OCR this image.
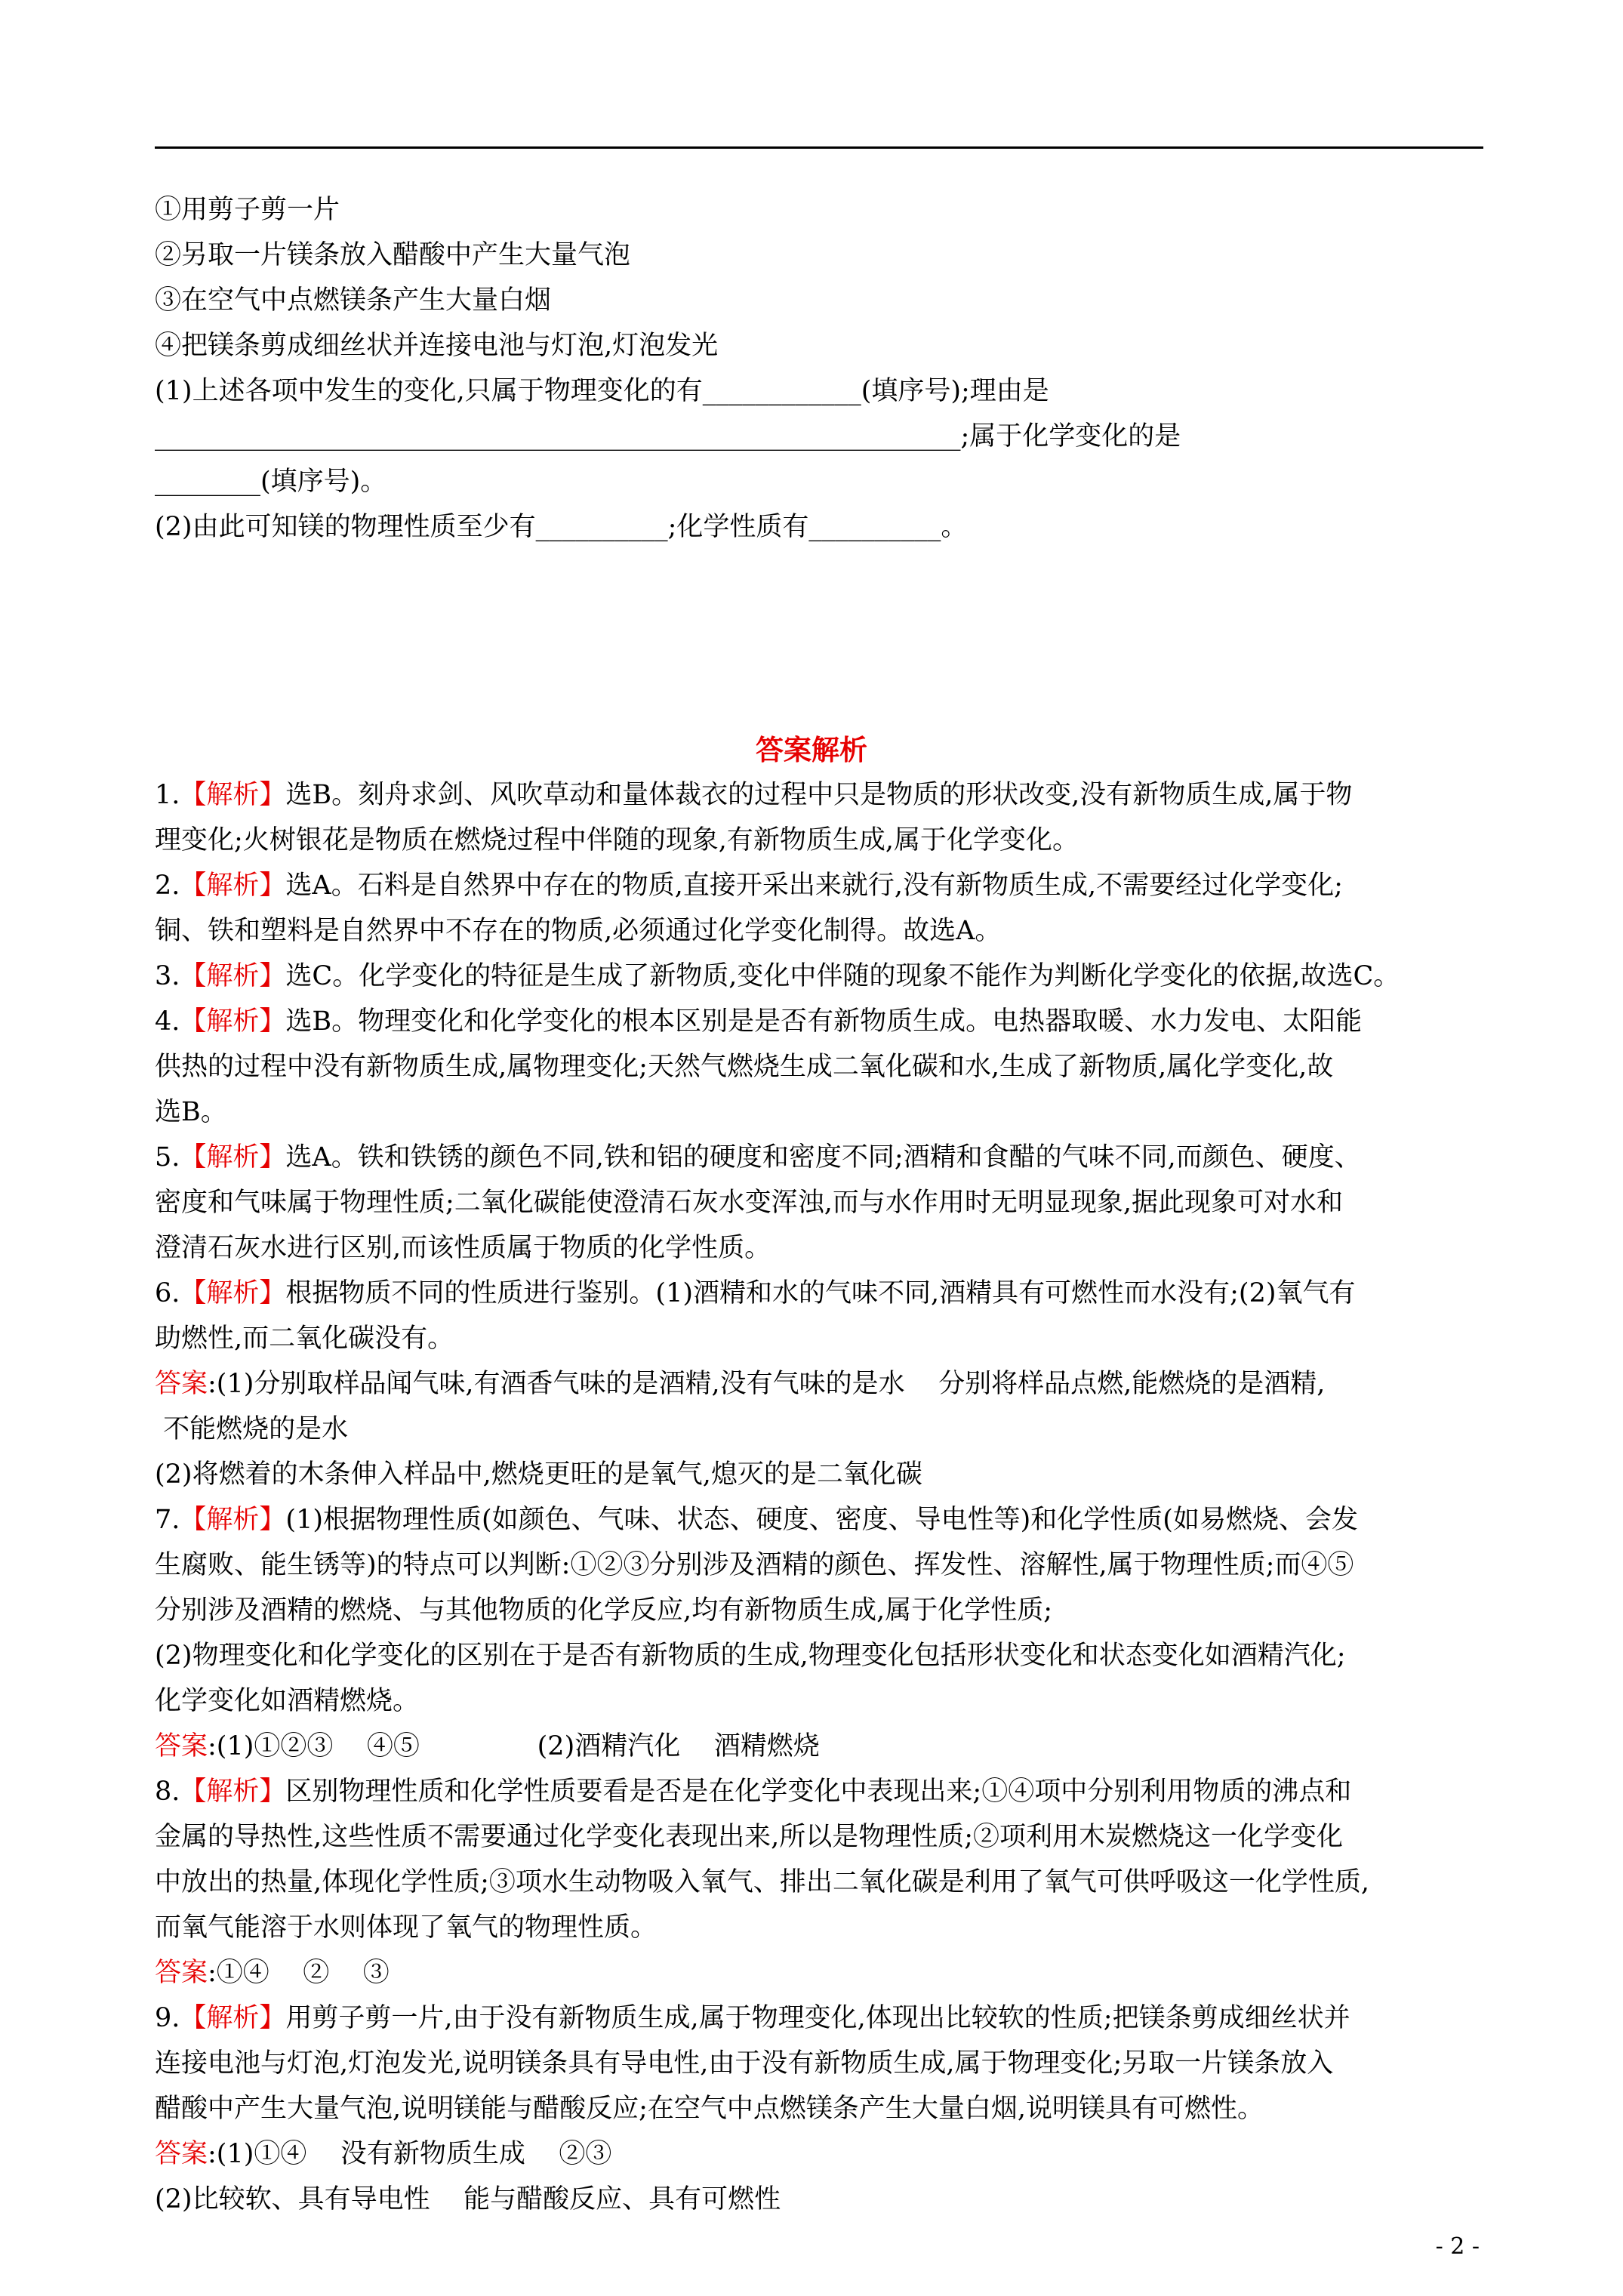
①用剪子剪一片
②另取一片镁条放入醋酸中产生大量气泡
③在空气中点燃镁条产生大量白烟
④把镁条剪成细丝状并连接电池与灯泡,灯泡发光
(1)上述各项中发生的变化,只属于物理变化的有____________(填序号);理由是
_____________________________________________________________;属于化学变化的是
________(填序号)。
(2)由此可知镁的物理性质至少有__________;化学性质有__________。
答案解析
1.【解析】选B。刻舟求剑、风吹草动和量体裁衣的过程中只是物质的形状改变,没有新物质生成,属于物
理变化;火树银花是物质在燃烧过程中伴随的现象,有新物质生成,属于化学变化。
2.【解析】选A。石料是自然界中存在的物质,直接开采出来就行,没有新物质生成,不需要经过化学变化;
铜、铁和塑料是自然界中不存在的物质,必须通过化学变化制得。故选A。
3.【解析】选C。化学变化的特征是生成了新物质,变化中伴随的现象不能作为判断化学变化的依据,故选C。
4.【解析】选B。物理变化和化学变化的根本区别是是否有新物质生成。电热器取暖、水力发电、太阳能
供热的过程中没有新物质生成,属物理变化;天然气燃烧生成二氧化碳和水,生成了新物质,属化学变化,故
选B。
5.【解析】选A。铁和铁锈的颜色不同,铁和铝的硬度和密度不同;酒精和食醋的气味不同,而颜色、硬度、
密度和气味属于物理性质;二氧化碳能使澄清石灰水变浑浊,而与水作用时无明显现象,据此现象可对水和
澄清石灰水进行区别,而该性质属于物质的化学性质。
6.【解析】根据物质不同的性质进行鉴别。(1)酒精和水的气味不同,酒精具有可燃性而水没有;(2)氧气有
助燃性,而二氧化碳没有。
答案:(1)分别取样品闻气味,有酒香气味的是酒精,没有气味的是水    分别将样品点燃,能燃烧的是酒精,
不能燃烧的是水
(2)将燃着的木条伸入样品中,燃烧更旺的是氧气,熄灭的是二氧化碳
7.【解析】(1)根据物理性质(如颜色、气味、状态、硬度、密度、导电性等)和化学性质(如易燃烧、会发
生腐败、能生锈等)的特点可以判断:①②③分别涉及酒精的颜色、挥发性、溶解性,属于物理性质;而④⑤
分别涉及酒精的燃烧、与其他物质的化学反应,均有新物质生成,属于化学性质;
(2)物理变化和化学变化的区别在于是否有新物质的生成,物理变化包括形状变化和状态变化如酒精汽化;
化学变化如酒精燃烧。
答案:(1)①②③    ④⑤              (2)酒精汽化    酒精燃烧
8.【解析】区别物理性质和化学性质要看是否是在化学变化中表现出来;①④项中分别利用物质的沸点和
金属的导热性,这些性质不需要通过化学变化表现出来,所以是物理性质;②项利用木炭燃烧这一化学变化
中放出的热量,体现化学性质;③项水生动物吸入氧气、排出二氧化碳是利用了氧气可供呼吸这一化学性质,
而氧气能溶于水则体现了氧气的物理性质。
答案:①④    ②    ③
9.【解析】用剪子剪一片,由于没有新物质生成,属于物理变化,体现出比较软的性质;把镁条剪成细丝状并
连接电池与灯泡,灯泡发光,说明镁条具有导电性,由于没有新物质生成,属于物理变化;另取一片镁条放入
醋酸中产生大量气泡,说明镁能与醋酸反应;在空气中点燃镁条产生大量白烟,说明镁具有可燃性。
答案:(1)①④    没有新物质生成    ②③
(2)比较软、具有导电性    能与醋酸反应、具有可燃性
- 2 -
